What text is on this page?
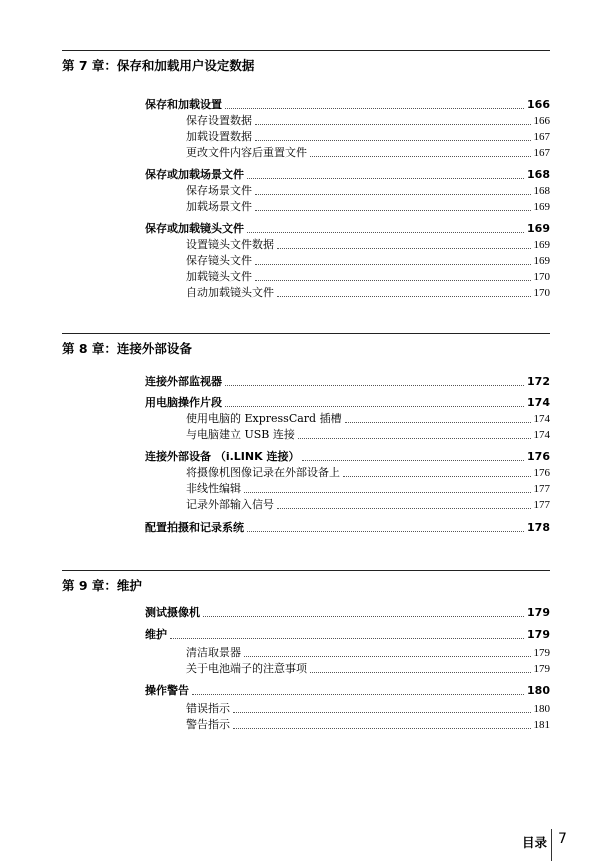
第 7 章：保存和加载用户设定数据
保存和加载设置	166
保存设置数据	166
加载设置数据	167
更改文件内容后重置文件	167
保存或加载场景文件	168
保存场景文件	168
加载场景文件	169
保存或加载镜头文件	169
设置镜头文件数据	169
保存镜头文件	169
加载镜头文件	170
自动加载镜头文件	170
第 8 章：连接外部设备
连接外部监视器	172
用电脑操作片段	174
使用电脑的 ExpressCard 插槽	174
与电脑建立 USB 连接	174
连接外部设备 （i.LINK 连接）	176
将摄像机图像记录在外部设备上	176
非线性编辑	177
记录外部输入信号	177
配置拍摄和记录系统	178
第 9 章：维护
测试摄像机	179
维护	179
清洁取景器	179
关于电池端子的注意事项	179
操作警告	180
错误指示	180
警告指示	181
目录 7
